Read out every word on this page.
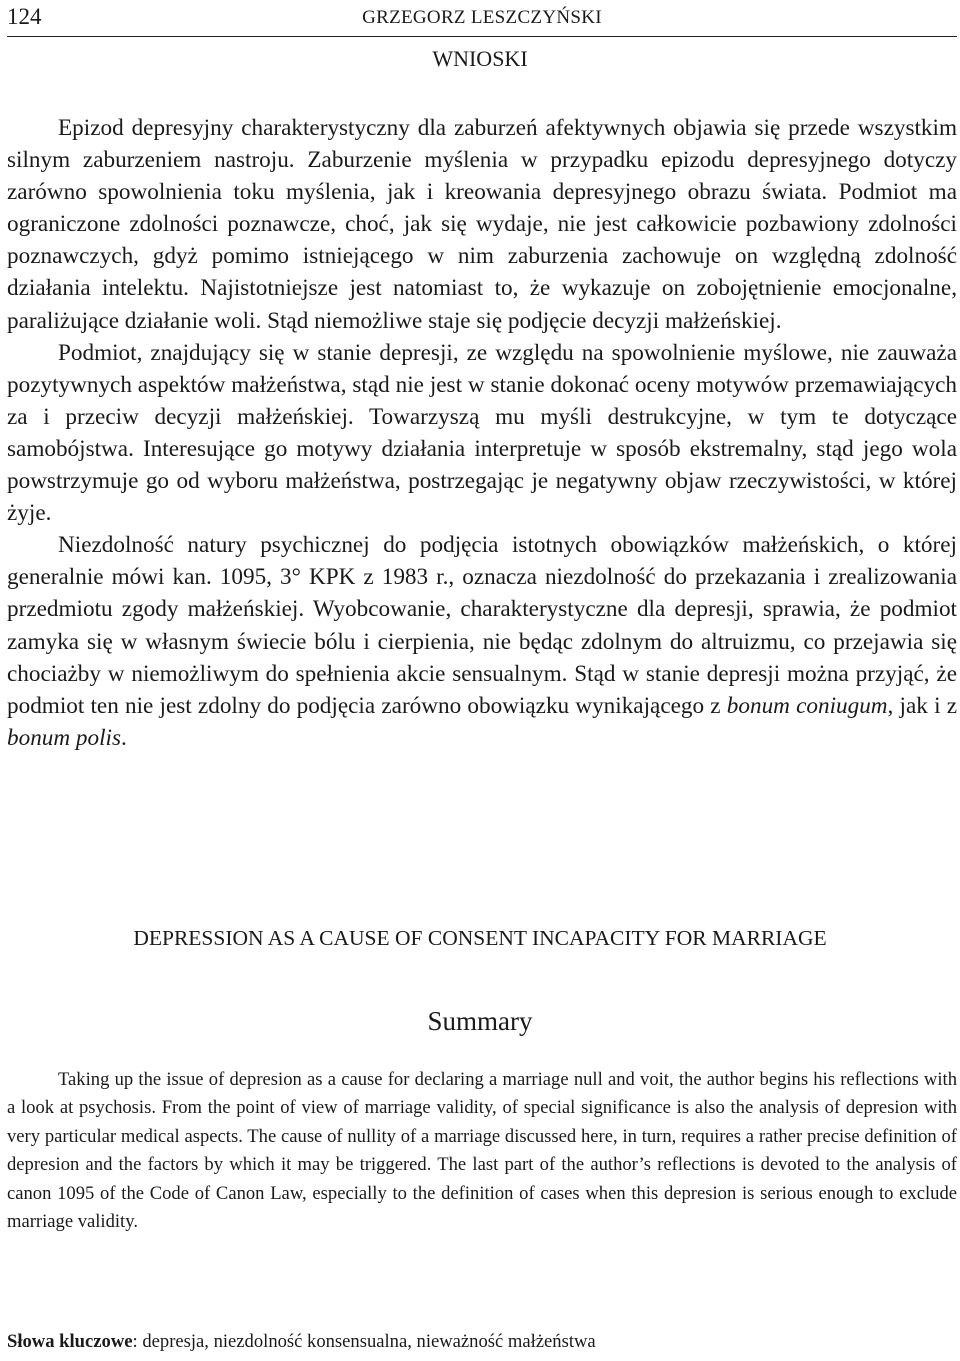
124	GRZEGORZ LESZCZYŃSKI
WNIOSKI

Epizod depresyjny charakterystyczny dla zaburzeń afektywnych objawia się przede wszystkim silnym zaburzeniem nastroju. Zaburzenie myślenia w przypadku epizodu depresyjnego dotyczy zarówno spowolnienia toku myślenia, jak i kreowania depresyjnego obrazu świata. Podmiot ma ograniczone zdolności poznawcze, choć, jak się wydaje, nie jest całkowicie pozbawiony zdolności poznawczych, gdyż pomimo istniejącego w nim zaburzenia zachowuje on względną zdolność działania intelektu. Najistotniejsze jest natomiast to, że wykazuje on zobojętnienie emocjonalne, paraliżujące działanie woli. Stąd niemożliwe staje się podjęcie decyzji małżeńskiej.

Podmiot, znajdujący się w stanie depresji, ze względu na spowolnienie myślowe, nie zauważa pozytywnych aspektów małżeństwa, stąd nie jest w stanie dokonać oceny motywów przemawiających za i przeciw decyzji małżeńskiej. Towarzyszą mu myśli destrukcyjne, w tym te dotyczące samobójstwa. Interesujące go motywy działania interpretuje w sposób ekstremalny, stąd jego wola powstrzymuje go od wyboru małżeństwa, postrzegając je negatywny objaw rzeczywistości, w której żyje.

Niezdolność natury psychicznej do podjęcia istotnych obowiązków małżeńskich, o której generalnie mówi kan. 1095, 3° KPK z 1983 r., oznacza niezdolność do przekazania i zrealizowania przedmiotu zgody małżeńskiej. Wyobcowanie, charakterystyczne dla depresji, sprawia, że podmiot zamyka się w własnym świecie bólu i cierpienia, nie będąc zdolnym do altruizmu, co przejawia się chociażby w niemożliwym do spełnienia akcie sensualnym. Stąd w stanie depresji można przyjąć, że podmiot ten nie jest zdolny do podjęcia zarówno obowiązku wynikającego z bonum coniugum, jak i z bonum polis.

DEPRESSION AS A CAUSE OF CONSENT INCAPACITY FOR MARRIAGE
Summary

Taking up the issue of depresion as a cause for declaring a marriage null and voit, the author begins his reflections with a look at psychosis. From the point of view of marriage validity, of special significance is also the analysis of depresion with very particular medical aspects. The cause of nullity of a marriage discussed here, in turn, requires a rather precise definition of depresion and the factors by which it may be triggered. The last part of the author’s reflections is devoted to the analysis of canon 1095 of the Code of Canon Law, especially to the definition of cases when this depresion is serious enough to exclude marriage validity.

Słowa kluczowe: depresja, niezdolność konsensualna, nieważność małżeństwa
